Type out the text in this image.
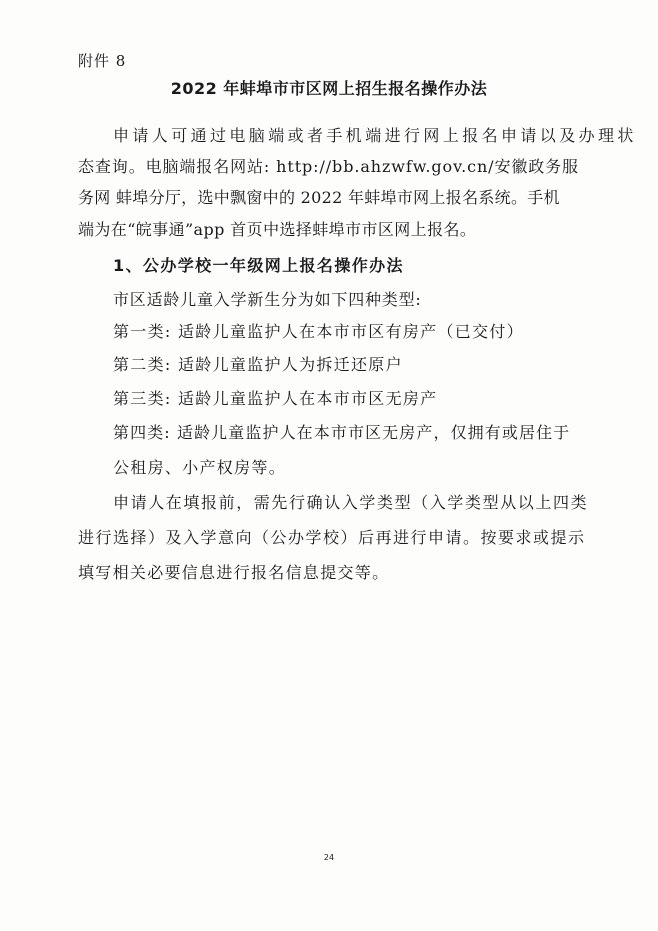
附件 8
2022 年蚌埠市市区网上招生报名操作办法
申请人可通过电脑端或者手机端进行网上报名申请以及办理状
态查询。电脑端报名网站: http://bb.ahzwfw.gov.cn/安徽政务服
务网 蚌埠分厅，选中飘窗中的 2022 年蚌埠市网上报名系统。手机
端为在“皖事通”app 首页中选择蚌埠市市区网上报名。
1、公办学校一年级网上报名操作办法
市区适龄儿童入学新生分为如下四种类型:
第一类: 适龄儿童监护人在本市市区有房产（已交付）
第二类: 适龄儿童监护人为拆迁还原户
第三类: 适龄儿童监护人在本市市区无房产
第四类: 适龄儿童监护人在本市市区无房产，仅拥有或居住于
公租房、小产权房等。
申请人在填报前，需先行确认入学类型（入学类型从以上四类
进行选择）及入学意向（公办学校）后再进行申请。按要求或提示
填写相关必要信息进行报名信息提交等。
24
